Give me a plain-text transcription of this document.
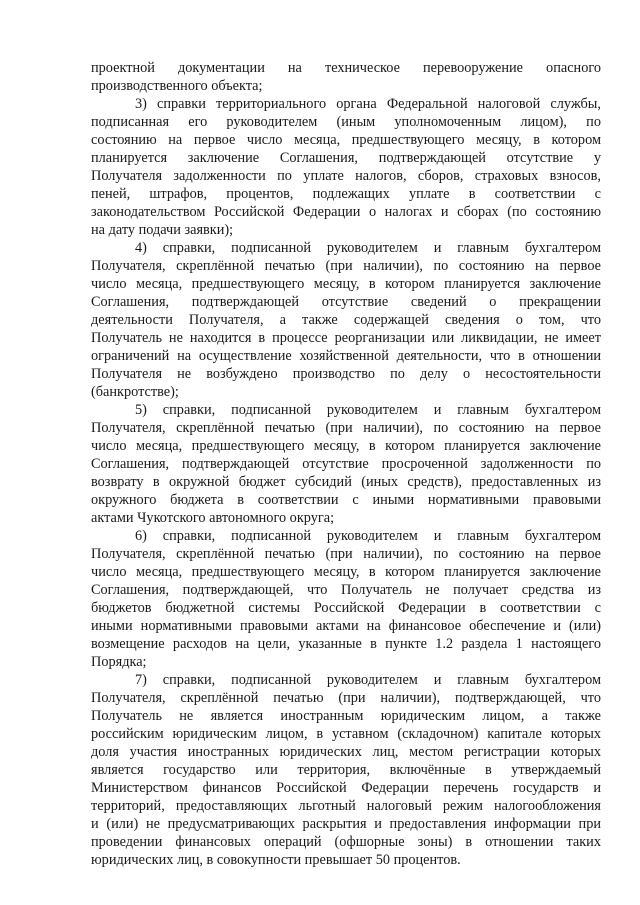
проектной документации на техническое перевооружение опасного
производственного объекта;
3) справки территориального органа Федеральной налоговой службы,
подписанная его руководителем (иным уполномоченным лицом), по
состоянию на первое число месяца, предшествующего месяцу, в котором
планируется заключение Соглашения, подтверждающей отсутствие у
Получателя задолженности по уплате налогов, сборов, страховых взносов,
пеней, штрафов, процентов, подлежащих уплате в соответствии с
законодательством Российской Федерации о налогах и сборах (по состоянию
на дату подачи заявки);
4) справки, подписанной руководителем и главным бухгалтером
Получателя, скреплённой печатью (при наличии), по состоянию на первое
число месяца, предшествующего месяцу, в котором планируется заключение
Соглашения, подтверждающей отсутствие сведений о прекращении
деятельности Получателя, а также содержащей сведения о том, что
Получатель не находится в процессе реорганизации или ликвидации, не имеет
ограничений на осуществление хозяйственной деятельности, что в отношении
Получателя не возбуждено производство по делу о несостоятельности
(банкротстве);
5) справки, подписанной руководителем и главным бухгалтером
Получателя, скреплённой печатью (при наличии), по состоянию на первое
число месяца, предшествующего месяцу, в котором планируется заключение
Соглашения, подтверждающей отсутствие просроченной задолженности по
возврату в окружной бюджет субсидий (иных средств), предоставленных из
окружного бюджета в соответствии с иными нормативными правовыми
актами Чукотского автономного округа;
6) справки, подписанной руководителем и главным бухгалтером
Получателя, скреплённой печатью (при наличии), по состоянию на первое
число месяца, предшествующего месяцу, в котором планируется заключение
Соглашения, подтверждающей, что Получатель не получает средства из
бюджетов бюджетной системы Российской Федерации в соответствии с
иными нормативными правовыми актами на финансовое обеспечение и (или)
возмещение расходов на цели, указанные в пункте 1.2 раздела 1 настоящего
Порядка;
7) справки, подписанной руководителем и главным бухгалтером
Получателя, скреплённой печатью (при наличии), подтверждающей, что
Получатель не является иностранным юридическим лицом, а также
российским юридическим лицом, в уставном (складочном) капитале которых
доля участия иностранных юридических лиц, местом регистрации которых
является государство или территория, включённые в утверждаемый
Министерством финансов Российской Федерации перечень государств и
территорий, предоставляющих льготный налоговый режим налогообложения
и (или) не предусматривающих раскрытия и предоставления информации при
проведении финансовых операций (офшорные зоны) в отношении таких
юридических лиц, в совокупности превышает 50 процентов.
